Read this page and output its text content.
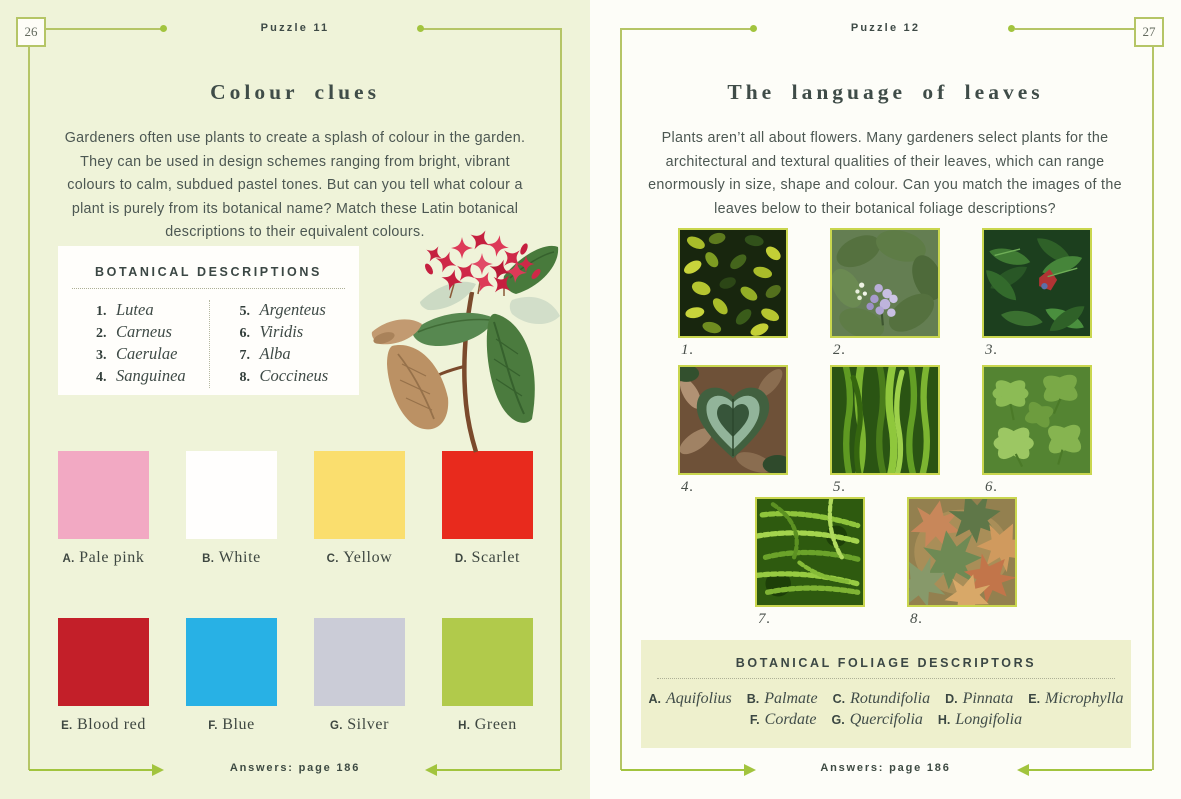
26	Puzzle 11
Colour clues

Gardeners often use plants to create a splash of colour in the garden. They can be used in design schemes ranging from bright, vibrant colours to calm, subdued pastel tones. But can you tell what colour a plant is purely from its botanical name? Match these Latin botanical descriptions to their equivalent colours.

BOTANICAL DESCRIPTIONS
1. Lutea
2. Carneus
3. Caerulae
4. Sanguinea
5. Argenteus
6. Viridis
7. Alba
8. Coccineus
A. Pale pink	B. White	C. Yellow	D. Scarlet
E. Blood red	F. Blue	G. Silver	H. Green
Answers: page 186
27
Puzzle 12
The language of leaves

Plants aren’t all about flowers. Many gardeners select plants for the architectural and textural qualities of their leaves, which can range enormously in size, shape and colour. Can you match the images of the leaves below to their botanical foliage descriptions?

1.	2.	3.
4.	5.	6.
7.	8.
BOTANICAL FOLIAGE DESCRIPTORS
A. Aquifolius B. Palmate C. Rotundifolia D. Pinnata E. Microphylla
F. Cordate G. Quercifolia H. Longifolia
Answers: page 186
